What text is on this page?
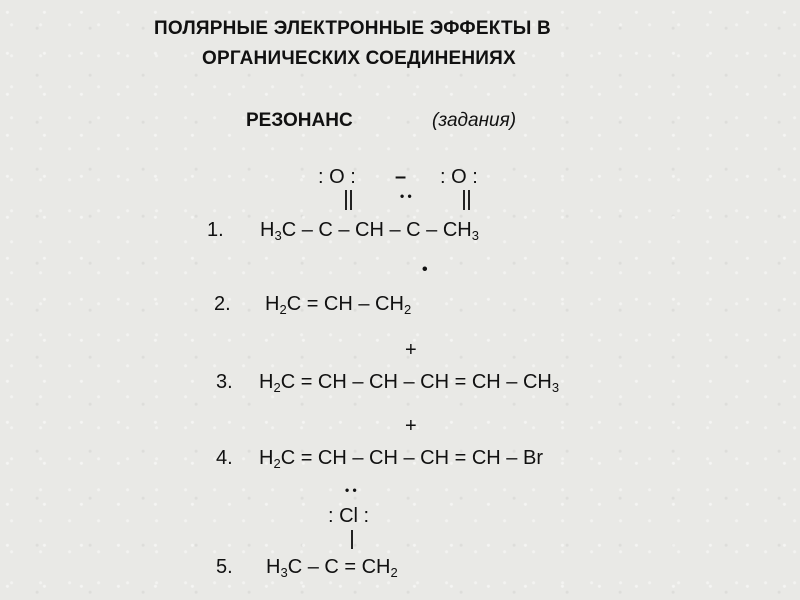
ПОЛЯРНЫЕ ЭЛЕКТРОННЫЕ ЭФФЕКТЫ В
ОРГАНИЧЕСКИХ СОЕДИНЕНИЯХ
РЕЗОНАНС	(задания)
: O : – : O :
• •
1. $H_3C$ – C – CH – C – $CH_3$
•
2. $H_2C$ = CH – $CH_2$
+
3. $H_2C$ = CH – CH – CH = CH – $CH_3$
+
4. $H_2C$ = CH – CH – CH = CH – Br
• •
: Cl :
5. $H_3C - C = CH_2$
